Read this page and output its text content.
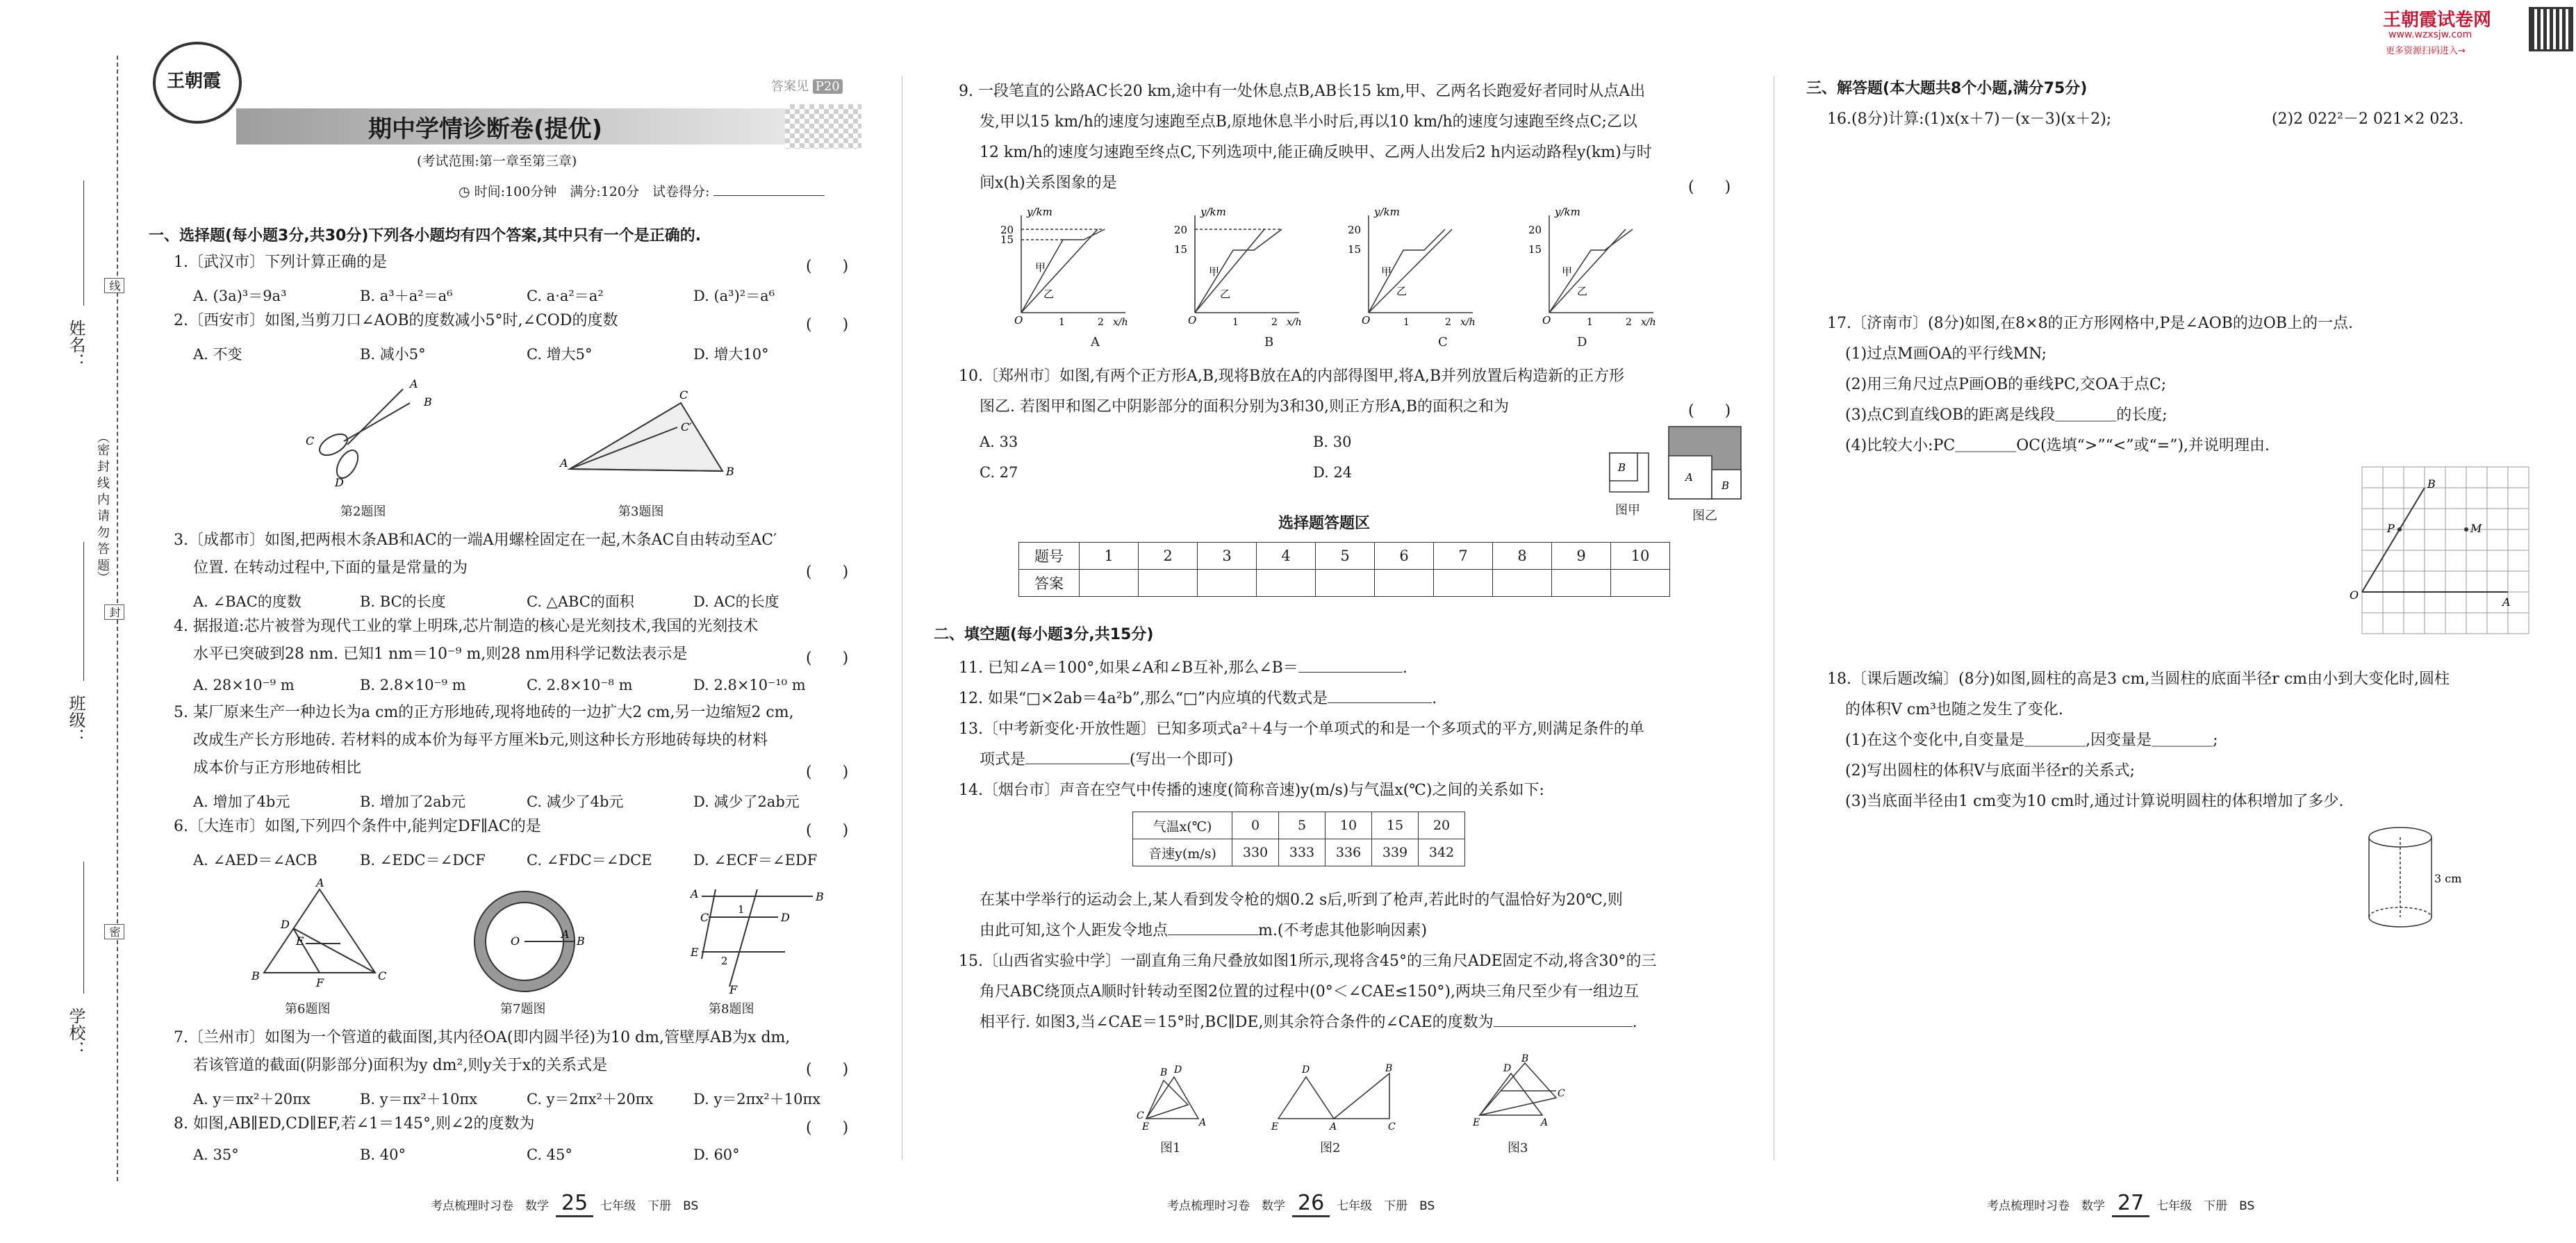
姓名：
班级：
学校：
（密 封 线 内 请 勿 答 题）
线
封
密
王朝霞试卷网
www.wzxsjw.com
更多资源扫码进入→
王朝霞	答案见 P20
期中学情诊断卷(提优)
(考试范围:第一章至第三章)
◷ 时间:100分钟　满分:120分　试卷得分:
一、选择题(每小题3分,共30分)下列各小题均有四个答案,其中只有一个是正确的.
1.〔武汉市〕下列计算正确的是	(　　)
A. (3a)³＝9a³	B. a³＋a²＝a⁶	C. a·a²＝a²	D. (a³)²＝a⁶
2.〔西安市〕如图,当剪刀口∠AOB的度数减小5°时,∠COD的度数	(　　)
A. 不变	B. 减小5°	C. 增大5°	D. 增大10°
A
B
C
D
第2题图
A
C
C′
B
第3题图
3.〔成都市〕如图,把两根木条AB和AC的一端A用螺栓固定在一起,木条AC自由转动至AC′
位置. 在转动过程中,下面的量是常量的为	(　　)
A. ∠BAC的度数	B. BC的长度	C. △ABC的面积	D. AC的长度
4. 据报道:芯片被誉为现代工业的掌上明珠,芯片制造的核心是光刻技术,我国的光刻技术
水平已突破到28 nm. 已知1 nm＝10⁻⁹ m,则28 nm用科学记数法表示是	(　　)
A. 28×10⁻⁹ m	B. 2.8×10⁻⁹ m	C. 2.8×10⁻⁸ m	D. 2.8×10⁻¹⁰ m
5. 某厂原来生产一种边长为a cm的正方形地砖,现将地砖的一边扩大2 cm,另一边缩短2 cm,
改成生产长方形地砖. 若材料的成本价为每平方厘米b元,则这种长方形地砖每块的材料
成本价与正方形地砖相比	(　　)
A. 增加了4b元	B. 增加了2ab元	C. 减少了4b元	D. 减少了2ab元
6.〔大连市〕如图,下列四个条件中,能判定DF∥AC的是	(　　)
A. ∠AED＝∠ACB	B. ∠EDC＝∠DCF	C. ∠FDC＝∠DCE	D. ∠ECF＝∠EDF
A
D
E
B
F
C
第6题图
O
A
B
第7题图
A	B
C
1
D
E
2
F
第8题图
7.〔兰州市〕如图为一个管道的截面图,其内径OA(即内圆半径)为10 dm,管壁厚AB为x dm,
若该管道的截面(阴影部分)面积为y dm²,则y关于x的关系式是	(　　)
A. y＝πx²＋20πx	B. y＝πx²＋10πx	C. y＝2πx²＋20πx	D. y＝2πx²＋10πx
8. 如图,AB∥ED,CD∥EF,若∠1＝145°,则∠2的度数为	(　　)
A. 35°	B. 40°	C. 45°	D. 60°
考点梳理时习卷　数学 25 七年级　下册　BS
9. 一段笔直的公路AC长20 km,途中有一处休息点B,AB长15 km,甲、乙两名长跑爱好者同时从点A出
发,甲以15 km/h的速度匀速跑至点B,原地休息半小时后,再以10 km/h的速度匀速跑至终点C;乙以
12 km/h的速度匀速跑至终点C,下列选项中,能正确反映甲、乙两人出发后2 h内运动路程y(km)与时
间x(h)关系图象的是	(　　)
20
15
y/km
甲
乙
O	1	2 x/h
A
20
15
y/km
甲
乙
O	1	2 x/h
B
20
15
y/km
甲
乙
O	1	2 x/h
C
20
15
y/km
甲
乙
O	1	2 x/h
D
10.〔郑州市〕如图,有两个正方形A,B,现将B放在A的内部得图甲,将A,B并列放置后构造新的正方形
图乙. 若图甲和图乙中阴影部分的面积分别为3和30,则正方形A,B的面积之和为	(　　)
A. 33	B. 30
C. 27	D. 24	B
图甲
A
B
图乙
选择题答题区
题号	1	2	3	4	5	6	7	8	9	10
答案										
二、填空题(每小题3分,共15分)
11. 已知∠A＝100°,如果∠A和∠B互补,那么∠B＝	.
12. 如果“□×2ab＝4a²b”,那么“□”内应填的代数式是	.
13.〔中考新变化·开放性题〕已知多项式a²＋4与一个单项式的和是一个多项式的平方,则满足条件的单
项式是	(写出一个即可)
14.〔烟台市〕声音在空气中传播的速度(简称音速)y(m/s)与气温x(℃)之间的关系如下:
气温x(℃)	0	5	10	15	20
音速y(m/s)	330	333	336	339	342
在某中学举行的运动会上,某人看到发令枪的烟0.2 s后,听到了枪声,若此时的气温恰好为20℃,则
由此可知,这个人距发令地点	m.(不考虑其他影响因素)
15.〔山西省实验中学〕一副直角三角尺叠放如图1所示,现将含45°的三角尺ADE固定不动,将含30°的三
角尺ABC绕顶点A顺时针转动至图2位置的过程中(0°＜∠CAE≤150°),两块三角尺至少有一组边互
相平行. 如图3,当∠CAE＝15°时,BC∥DE,则其余符合条件的∠CAE的度数为	.
B D
C
E	A
图1
D	B
E	A	C
图2
B
D
C
E	A
图3
考点梳理时习卷　数学 26 七年级　下册　BS
三、解答题(本大题共8个小题,满分75分)
16.(8分)计算:(1)x(x＋7)－(x－3)(x＋2);	(2)2 022²－2 021×2 023.
17.〔济南市〕(8分)如图,在8×8的正方形网格中,P是∠AOB的边OB上的一点.
(1)过点M画OA的平行线MN;
(2)用三角尺过点P画OB的垂线PC,交OA于点C;
(3)点C到直线OB的距离是线段＿＿＿＿的长度;
(4)比较大小:PC＿＿＿＿OC(选填“>”“<”或“=”),并说明理由.
B
P	M
O
A
18.〔课后题改编〕(8分)如图,圆柱的高是3 cm,当圆柱的底面半径r cm由小到大变化时,圆柱
的体积V cm³也随之发生了变化.
(1)在这个变化中,自变量是＿＿＿＿,因变量是＿＿＿＿;
(2)写出圆柱的体积V与底面半径r的关系式;
(3)当底面半径由1 cm变为10 cm时,通过计算说明圆柱的体积增加了多少.
3 cm
考点梳理时习卷　数学 27 七年级　下册　BS
